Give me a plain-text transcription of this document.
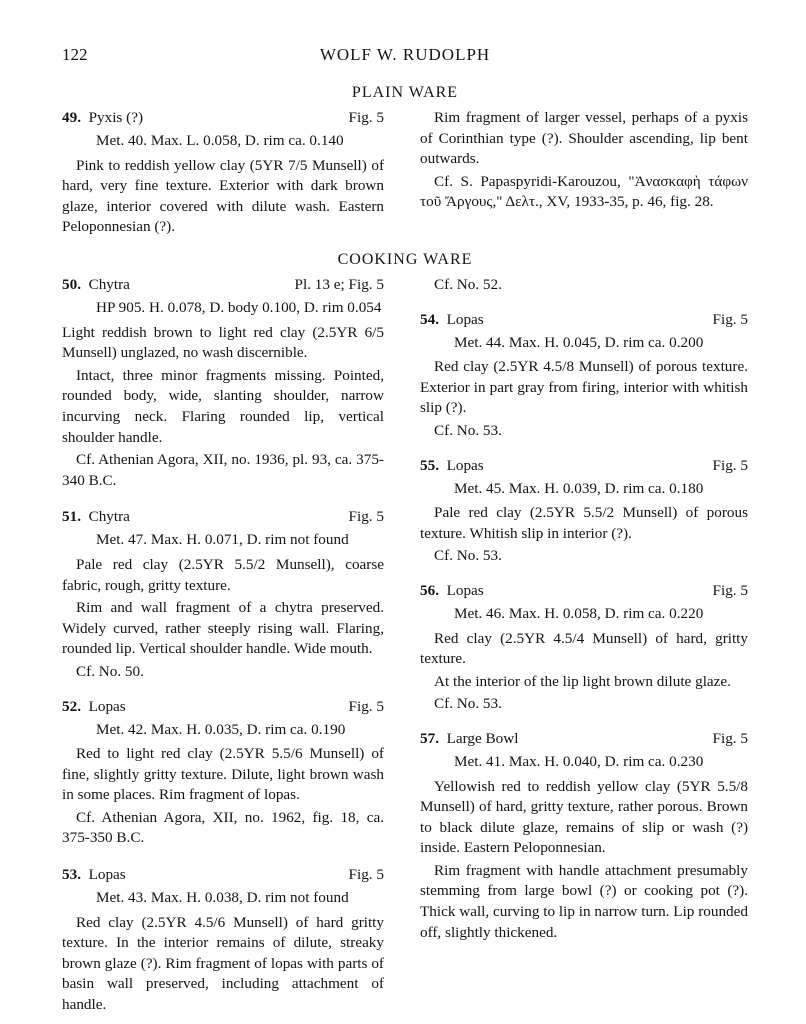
122	WOLF W. RUDOLPH
PLAIN WARE
49. Pyxis (?)	Fig. 5
Met. 40. Max. L. 0.058, D. rim ca. 0.140
Pink to reddish yellow clay (5YR 7/5 Munsell) of hard, very fine texture. Exterior with dark brown glaze, interior covered with dilute wash. Eastern Peloponnesian (?).
Rim fragment of larger vessel, perhaps of a pyxis of Corinthian type (?). Shoulder ascending, lip bent outwards.
Cf. S. Papaspyridi-Karouzou, "Ἀνασκαφὴ τάφων τοῦ Ἄργους," Δελτ., XV, 1933-35, p. 46, fig. 28.
COOKING WARE
50. Chytra	Pl. 13 e; Fig. 5
HP 905. H. 0.078, D. body 0.100, D. rim 0.054
Light reddish brown to light red clay (2.5YR 6/5 Munsell) unglazed, no wash discernible.
Intact, three minor fragments missing. Pointed, rounded body, wide, slanting shoulder, narrow incurving neck. Flaring rounded lip, vertical shoulder handle.
Cf. Athenian Agora, XII, no. 1936, pl. 93, ca. 375-340 B.C.
51. Chytra	Fig. 5
Met. 47. Max. H. 0.071, D. rim not found
Pale red clay (2.5YR 5.5/2 Munsell), coarse fabric, rough, gritty texture.
Rim and wall fragment of a chytra preserved. Widely curved, rather steeply rising wall. Flaring, rounded lip. Vertical shoulder handle. Wide mouth.
Cf. No. 50.
52. Lopas	Fig. 5
Met. 42. Max. H. 0.035, D. rim ca. 0.190
Red to light red clay (2.5YR 5.5/6 Munsell) of fine, slightly gritty texture. Dilute, light brown wash in some places. Rim fragment of lopas.
Cf. Athenian Agora, XII, no. 1962, fig. 18, ca. 375-350 B.C.
53. Lopas	Fig. 5
Met. 43. Max. H. 0.038, D. rim not found
Red clay (2.5YR 4.5/6 Munsell) of hard gritty texture. In the interior remains of dilute, streaky brown glaze (?). Rim fragment of lopas with parts of basin wall preserved, including attachment of handle.
Cf. No. 52.
54. Lopas	Fig. 5
Met. 44. Max. H. 0.045, D. rim ca. 0.200
Red clay (2.5YR 4.5/8 Munsell) of porous texture. Exterior in part gray from firing, interior with whitish slip (?).
Cf. No. 53.
55. Lopas	Fig. 5
Met. 45. Max. H. 0.039, D. rim ca. 0.180
Pale red clay (2.5YR 5.5/2 Munsell) of porous texture. Whitish slip in interior (?).
Cf. No. 53.
56. Lopas	Fig. 5
Met. 46. Max. H. 0.058, D. rim ca. 0.220
Red clay (2.5YR 4.5/4 Munsell) of hard, gritty texture.
At the interior of the lip light brown dilute glaze.
Cf. No. 53.
57. Large Bowl	Fig. 5
Met. 41. Max. H. 0.040, D. rim ca. 0.230
Yellowish red to reddish yellow clay (5YR 5.5/8 Munsell) of hard, gritty texture, rather porous. Brown to black dilute glaze, remains of slip or wash (?) inside. Eastern Peloponnesian.
Rim fragment with handle attachment presumably stemming from large bowl (?) or cooking pot (?). Thick wall, curving to lip in narrow turn. Lip rounded off, slightly thickened.
